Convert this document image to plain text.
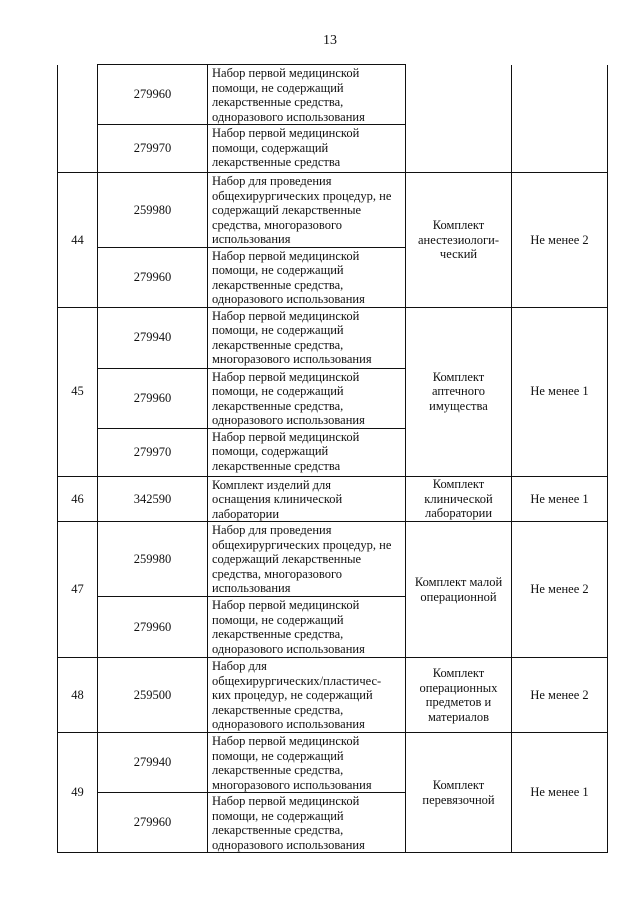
13
	279960	Набор первой медицинской
помощи, не содержащий
лекарственные средства,
одноразового использования		
	279970	Набор первой медицинской
помощи, содержащий
лекарственные средства		
44	259980	Набор для проведения
общехирургических процедур, не
содержащий лекарственные
средства, многоразового
использования	Комплект
анестезиологи-
ческий	Не менее 2
	279960	Набор первой медицинской
помощи, не содержащий
лекарственные средства,
одноразового использования		
45	279940	Набор первой медицинской
помощи, не содержащий
лекарственные средства,
многоразового использования	Комплект
аптечного
имущества	Не менее 1
	279960	Набор первой медицинской
помощи, не содержащий
лекарственные средства,
одноразового использования		
	279970	Набор первой медицинской
помощи, содержащий
лекарственные средства		
46	342590	Комплект изделий для
оснащения клинической
лаборатории	Комплект
клинической
лаборатории	Не менее 1
47	259980	Набор для проведения
общехирургических процедур, не
содержащий лекарственные
средства, многоразового
использования	Комплект малой
операционной	Не менее 2
	279960	Набор первой медицинской
помощи, не содержащий
лекарственные средства,
одноразового использования		
48	259500	Набор для
общехирургических/пластичес-
ких процедур, не содержащий
лекарственные средства,
одноразового использования	Комплект
операционных
предметов и
материалов	Не менее 2
49	279940	Набор первой медицинской
помощи, не содержащий
лекарственные средства,
многоразового использования	Комплект
перевязочной	Не менее 1
	279960	Набор первой медицинской
помощи, не содержащий
лекарственные средства,
одноразового использования		
